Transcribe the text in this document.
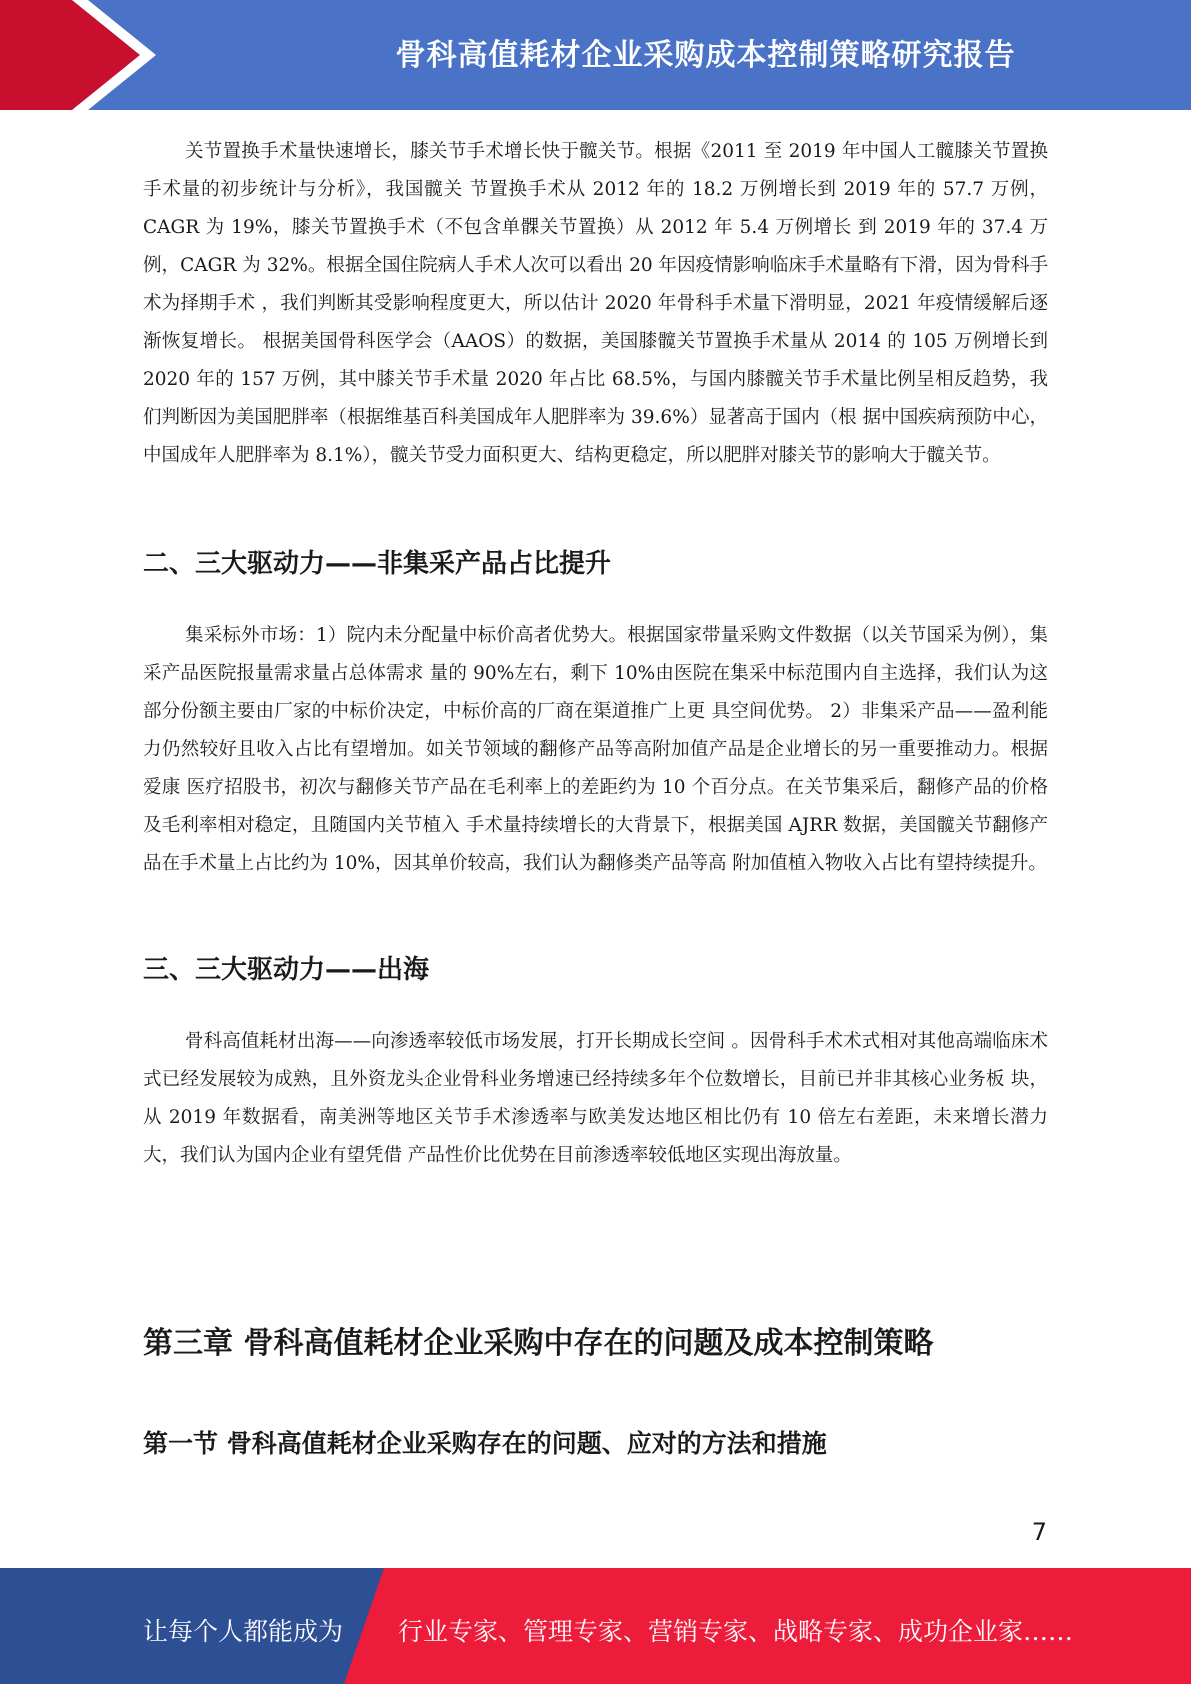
骨科高值耗材企业采购成本控制策略研究报告

关节置换手术量快速增长，膝关节手术增长快于髋关节。根据《2011 至 2019 年中国人工髋膝关节置换手术量的初步统计与分析》，我国髋关 节置换手术从 2012 年的 18.2 万例增长到 2019 年的 57.7 万例，CAGR 为 19%，膝关节置换手术（不包含单髁关节置换）从 2012 年 5.4 万例增长 到 2019 年的 37.4 万例，CAGR 为 32%。根据全国住院病人手术人次可以看出 20 年因疫情影响临床手术量略有下滑，因为骨科手术为择期手术 ，我们判断其受影响程度更大，所以估计 2020 年骨科手术量下滑明显，2021 年疫情缓解后逐渐恢复增长。 根据美国骨科医学会（AAOS）的数据，美国膝髋关节置换手术量从 2014 的 105 万例增长到 2020 年的 157 万例，其中膝关节手术量 2020 年占比 68.5%，与国内膝髋关节手术量比例呈相反趋势，我们判断因为美国肥胖率（根据维基百科美国成年人肥胖率为 39.6%）显著高于国内（根 据中国疾病预防中心，中国成年人肥胖率为 8.1%），髋关节受力面积更大、结构更稳定，所以肥胖对膝关节的影响大于髋关节。

二、三大驱动力——非集采产品占比提升

集采标外市场：1）院内未分配量中标价高者优势大。根据国家带量采购文件数据（以关节国采为例），集采产品医院报量需求量占总体需求 量的 90%左右，剩下 10%由医院在集采中标范围内自主选择，我们认为这部分份额主要由厂家的中标价决定，中标价高的厂商在渠道推广上更 具空间优势。 2）非集采产品——盈利能力仍然较好且收入占比有望增加。如关节领域的翻修产品等高附加值产品是企业增长的另一重要推动力。根据爱康 医疗招股书，初次与翻修关节产品在毛利率上的差距约为 10 个百分点。在关节集采后，翻修产品的价格及毛利率相对稳定，且随国内关节植入 手术量持续增长的大背景下，根据美国 AJRR 数据，美国髋关节翻修产品在手术量上占比约为 10%，因其单价较高，我们认为翻修类产品等高 附加值植入物收入占比有望持续提升。

三、三大驱动力——出海

骨科高值耗材出海——向渗透率较低市场发展，打开长期成长空间 。因骨科手术术式相对其他高端临床术式已经发展较为成熟，且外资龙头企业骨科业务增速已经持续多年个位数增长，目前已并非其核心业务板 块，从 2019 年数据看，南美洲等地区关节手术渗透率与欧美发达地区相比仍有 10 倍左右差距，未来增长潜力大，我们认为国内企业有望凭借 产品性价比优势在目前渗透率较低地区实现出海放量。

第三章 骨科高值耗材企业采购中存在的问题及成本控制策略
第一节 骨科高值耗材企业采购存在的问题、应对的方法和措施
7
让每个人都能成为 行业专家、管理专家、营销专家、战略专家、成功企业家……
